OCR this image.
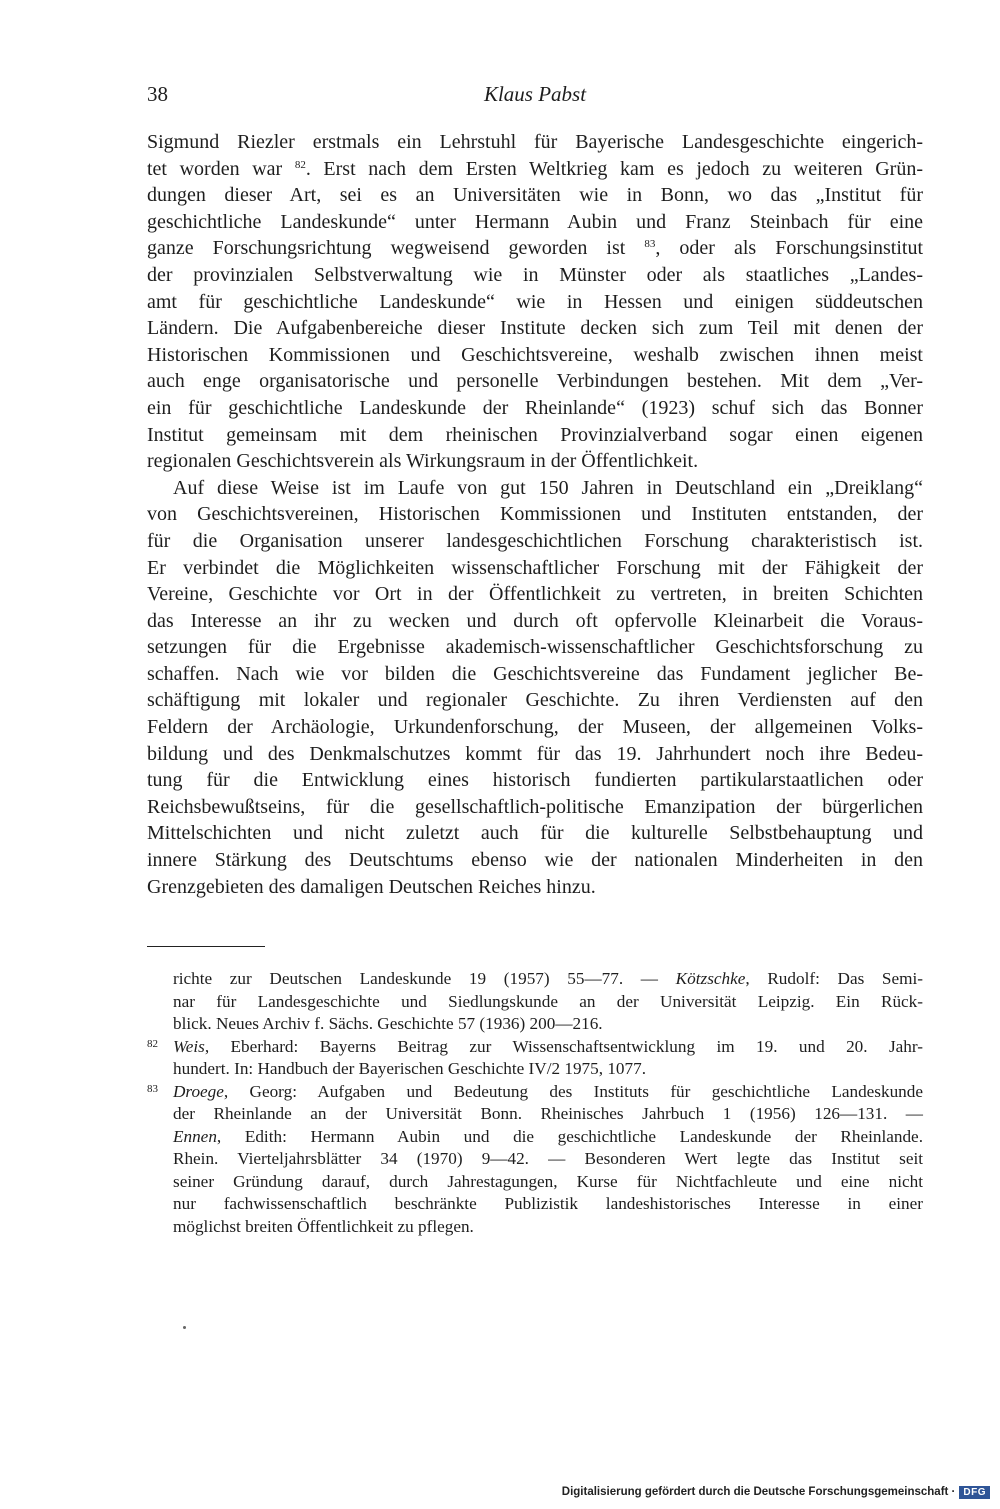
38	Klaus Pabst
Sigmund Riezler erstmals ein Lehrstuhl für Bayerische Landesgeschichte eingerich-
tet worden war $^{82}$. Erst nach dem Ersten Weltkrieg kam es jedoch zu weiteren Grün-
dungen dieser Art, sei es an Universitäten wie in Bonn, wo das „Institut für
geschichtliche Landeskunde“ unter Hermann Aubin und Franz Steinbach für eine
ganze Forschungsrichtung wegweisend geworden ist $^{83}$, oder als Forschungsinstitut
der provinzialen Selbstverwaltung wie in Münster oder als staatliches „Landes-
amt für geschichtliche Landeskunde“ wie in Hessen und einigen süddeutschen
Ländern. Die Aufgabenbereiche dieser Institute decken sich zum Teil mit denen der
Historischen Kommissionen und Geschichtsvereine, weshalb zwischen ihnen meist
auch enge organisatorische und personelle Verbindungen bestehen. Mit dem „Ver-
ein für geschichtliche Landeskunde der Rheinlande“ (1923) schuf sich das Bonner
Institut gemeinsam mit dem rheinischen Provinzialverband sogar einen eigenen
regionalen Geschichtsverein als Wirkungsraum in der Öffentlichkeit.
Auf diese Weise ist im Laufe von gut 150 Jahren in Deutschland ein „Dreiklang“
von Geschichtsvereinen, Historischen Kommissionen und Instituten entstanden, der
für die Organisation unserer landesgeschichtlichen Forschung charakteristisch ist.
Er verbindet die Möglichkeiten wissenschaftlicher Forschung mit der Fähigkeit der
Vereine, Geschichte vor Ort in der Öffentlichkeit zu vertreten, in breiten Schichten
das Interesse an ihr zu wecken und durch oft opfervolle Kleinarbeit die Voraus-
setzungen für die Ergebnisse akademisch-wissenschaftlicher Geschichtsforschung zu
schaffen. Nach wie vor bilden die Geschichtsvereine das Fundament jeglicher Be-
schäftigung mit lokaler und regionaler Geschichte. Zu ihren Verdiensten auf den
Feldern der Archäologie, Urkundenforschung, der Museen, der allgemeinen Volks-
bildung und des Denkmalschutzes kommt für das 19. Jahrhundert noch ihre Bedeu-
tung für die Entwicklung eines historisch fundierten partikularstaatlichen oder
Reichsbewußtseins, für die gesellschaftlich-politische Emanzipation der bürgerlichen
Mittelschichten und nicht zuletzt auch für die kulturelle Selbstbehauptung und
innere Stärkung des Deutschtums ebenso wie der nationalen Minderheiten in den
Grenzgebieten des damaligen Deutschen Reiches hinzu.
richte zur Deutschen Landeskunde 19 (1957) 55—77. — Kötzschke, Rudolf: Das Semi-
nar für Landesgeschichte und Siedlungskunde an der Universität Leipzig. Ein Rück-
blick. Neues Archiv f. Sächs. Geschichte 57 (1936) 200—216.
82 Weis, Eberhard: Bayerns Beitrag zur Wissenschaftsentwicklung im 19. und 20. Jahr-
hundert. In: Handbuch der Bayerischen Geschichte IV/2 1975, 1077.
83 Droege, Georg: Aufgaben und Bedeutung des Instituts für geschichtliche Landeskunde
der Rheinlande an der Universität Bonn. Rheinisches Jahrbuch 1 (1956) 126—131. —
Ennen, Edith: Hermann Aubin und die geschichtliche Landeskunde der Rheinlande.
Rhein. Vierteljahrsblätter 34 (1970) 9—42. — Besonderen Wert legte das Institut seit
seiner Gründung darauf, durch Jahrestagungen, Kurse für Nichtfachleute und eine nicht
nur fachwissenschaftlich beschränkte Publizistik landeshistorisches Interesse in einer
möglichst breiten Öffentlichkeit zu pflegen.
Digitalisierung gefördert durch die Deutsche Forschungsgemeinschaft · DFG
